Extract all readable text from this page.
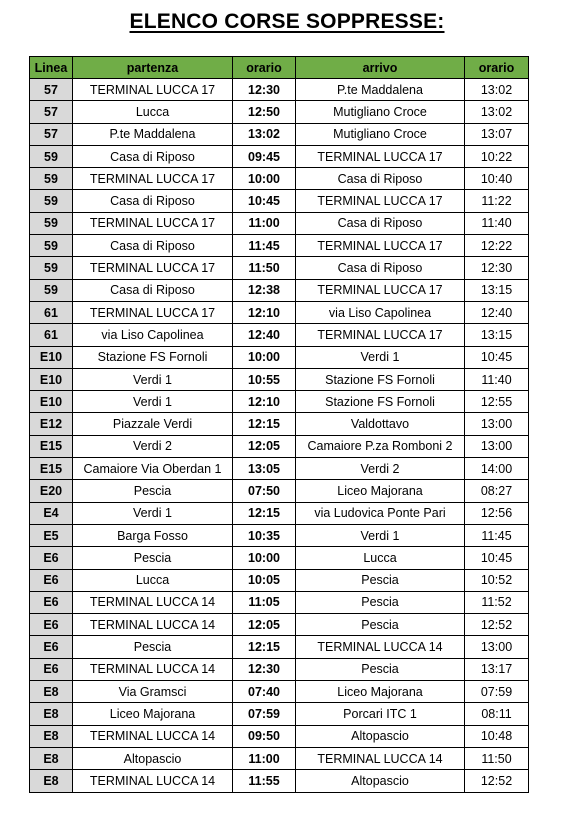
ELENCO CORSE SOPPRESSE:
Linea	partenza	orario	arrivo	orario
57	TERMINAL LUCCA 17	12:30	P.te Maddalena	13:02
57	Lucca	12:50	Mutigliano Croce	13:02
57	P.te Maddalena	13:02	Mutigliano Croce	13:07
59	Casa di Riposo	09:45	TERMINAL LUCCA 17	10:22
59	TERMINAL LUCCA 17	10:00	Casa di Riposo	10:40
59	Casa di Riposo	10:45	TERMINAL LUCCA 17	11:22
59	TERMINAL LUCCA 17	11:00	Casa di Riposo	11:40
59	Casa di Riposo	11:45	TERMINAL LUCCA 17	12:22
59	TERMINAL LUCCA 17	11:50	Casa di Riposo	12:30
59	Casa di Riposo	12:38	TERMINAL LUCCA 17	13:15
61	TERMINAL LUCCA 17	12:10	via Liso Capolinea	12:40
61	via Liso Capolinea	12:40	TERMINAL LUCCA 17	13:15
E10	Stazione FS Fornoli	10:00	Verdi 1	10:45
E10	Verdi 1	10:55	Stazione FS Fornoli	11:40
E10	Verdi 1	12:10	Stazione FS Fornoli	12:55
E12	Piazzale Verdi	12:15	Valdottavo	13:00
E15	Verdi 2	12:05	Camaiore P.za Romboni 2	13:00
E15	Camaiore Via Oberdan 1	13:05	Verdi 2	14:00
E20	Pescia	07:50	Liceo Majorana	08:27
E4	Verdi 1	12:15	via Ludovica Ponte Pari	12:56
E5	Barga Fosso	10:35	Verdi 1	11:45
E6	Pescia	10:00	Lucca	10:45
E6	Lucca	10:05	Pescia	10:52
E6	TERMINAL LUCCA 14	11:05	Pescia	11:52
E6	TERMINAL LUCCA 14	12:05	Pescia	12:52
E6	Pescia	12:15	TERMINAL LUCCA 14	13:00
E6	TERMINAL LUCCA 14	12:30	Pescia	13:17
E8	Via Gramsci	07:40	Liceo Majorana	07:59
E8	Liceo Majorana	07:59	Porcari ITC 1	08:11
E8	TERMINAL LUCCA 14	09:50	Altopascio	10:48
E8	Altopascio	11:00	TERMINAL LUCCA 14	11:50
E8	TERMINAL LUCCA 14	11:55	Altopascio	12:52
